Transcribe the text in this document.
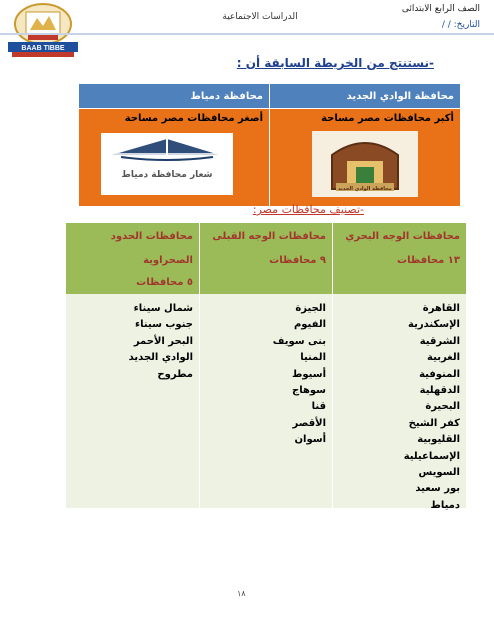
BAAB TIBBE
الصف الرابع الابتدائى
الدراسات الاجتماعية
التاريخ: / /
-نستنتج من الخريطة السابقة أن :
محافظة الوادي الجديد
محافظة دمياط
أكبر محافظات مصر مساحة
محافظة الوادي الجديد
أصغر محافظات مصر مساحة
شعار محافظة دمياط
-تصنيف محافظات مصر:
محافظات الوجه البحري
١٣ محافظات
القاهرة
الإسكندرية
الشرقية
الغربية
المنوفية
الدقهلية
البحيرة
كفر الشيخ
القليوبية
الإسماعيلية
السويس
بور سعيد
دمياط
محافظات الوجه القبلى
٩ محافظات
الجيزة
الفيوم
بنى سويف
المنيا
أسيوط
سوهاج
قنا
الأقصر
أسوان
محافظات الحدود
الصحراوية
٥ محافظات
شمال سيناء
جنوب سيناء
البحر الأحمر
الوادي الجديد
مطروح
١٨
